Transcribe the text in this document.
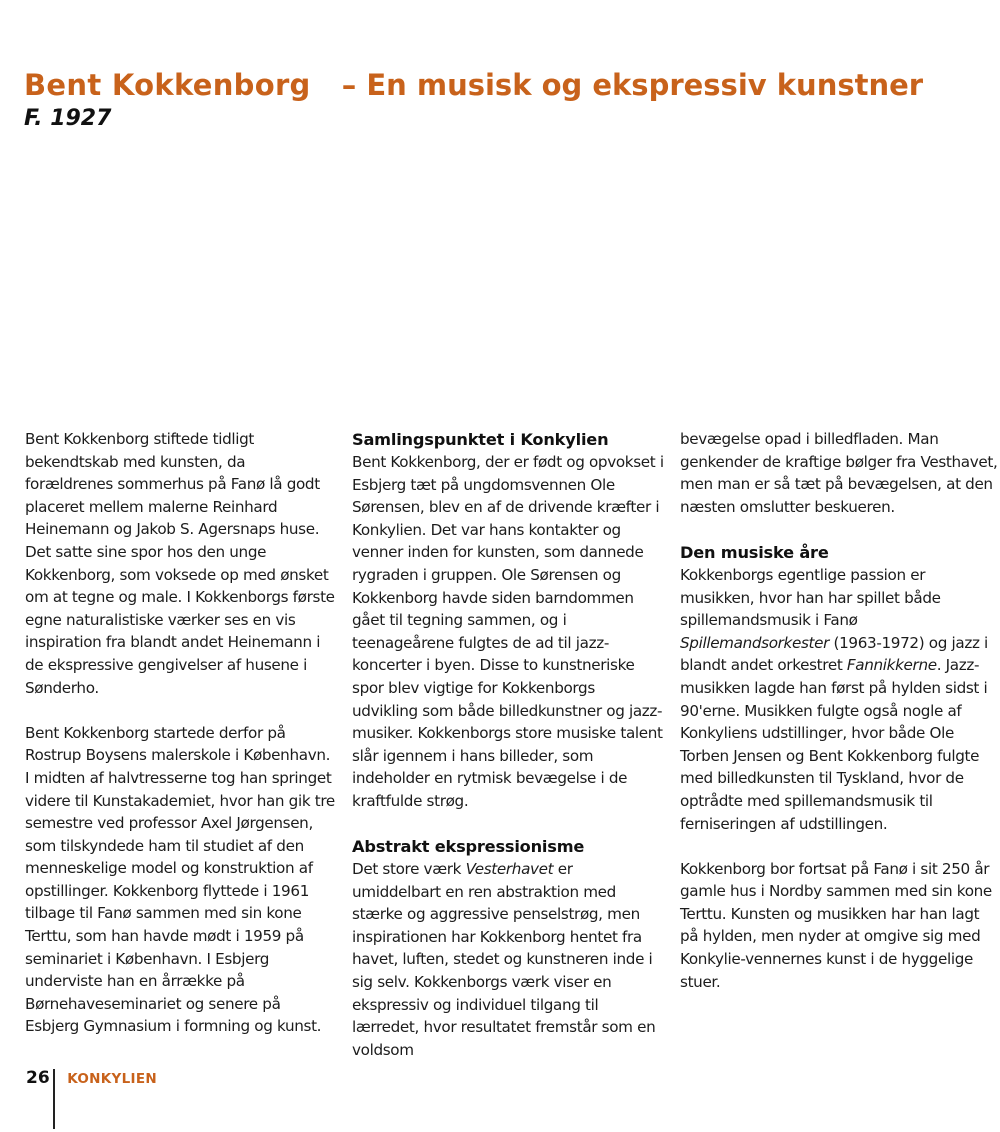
Bent Kokkenborg – En musisk og ekspressiv kunstner
F. 1927

Bent Kokkenborg stiftede tidligt bekendtskab med kunsten, da forældrenes sommerhus på Fanø lå godt placeret mellem malerne Reinhard Heinemann og Jakob S. Agersnaps huse. Det satte sine spor hos den unge Kokkenborg, som voksede op med ønsket om at tegne og male. I Kokkenborgs første egne naturalistiske værker ses en vis inspiration fra blandt andet Heinemann i de ekspressive gengivelser af husene i Sønderho.

Bent Kokkenborg startede derfor på Rostrup Boysens malerskole i København. I midten af halvtresserne tog han springet videre til Kunstakademiet, hvor han gik tre semestre ved professor Axel Jørgensen, som tilskyndede ham til studiet af den menneskelige model og konstruktion af opstillinger. Kokkenborg flyttede i 1961 tilbage til Fanø sammen med sin kone Terttu, som han havde mødt i 1959 på seminariet i København. I Esbjerg underviste han en årrække på Børnehaveseminariet og senere på Esbjerg Gymnasium i formning og kunst.

Samlingspunktet i Konkylien

Bent Kokkenborg, der er født og opvokset i Esbjerg tæt på ungdomsvennen Ole Sørensen, blev en af de drivende kræfter i Konkylien. Det var hans kontakter og venner inden for kunsten, som dannede rygraden i gruppen. Ole Sørensen og Kokkenborg havde siden barndommen gået til tegning sammen, og i teenageårene fulgtes de ad til jazz-koncerter i byen. Disse to kunstneriske spor blev vigtige for Kokkenborgs udvikling som både billedkunstner og jazz-musiker. Kokkenborgs store musiske talent slår igennem i hans billeder, som indeholder en rytmisk bevægelse i de kraftfulde strøg.

Abstrakt ekspressionisme

Det store værk Vesterhavet er umiddelbart en ren abstraktion med stærke og aggressive penselstrøg, men inspirationen har Kokkenborg hentet fra havet, luften, stedet og kunstneren inde i sig selv. Kokkenborgs værk viser en ekspressiv og individuel tilgang til lærredet, hvor resultatet fremstår som en voldsom

bevægelse opad i billedfladen. Man genkender de kraftige bølger fra Vesthavet, men man er så tæt på bevægelsen, at den næsten omslutter beskueren.

Den musiske åre

Kokkenborgs egentlige passion er musikken, hvor han har spillet både spillemandsmusik i Fanø Spillemandsorkester (1963-1972) og jazz i blandt andet orkestret Fannikkerne. Jazz-musikken lagde han først på hylden sidst i 90'erne. Musikken fulgte også nogle af Konkyliens udstillinger, hvor både Ole Torben Jensen og Bent Kokkenborg fulgte med billedkunsten til Tyskland, hvor de optrådte med spillemandsmusik til ferniseringen af udstillingen.

Kokkenborg bor fortsat på Fanø i sit 250 år gamle hus i Nordby sammen med sin kone Terttu. Kunsten og musikken har han lagt på hylden, men nyder at omgive sig med Konkylie-vennernes kunst i de hyggelige stuer.

26 KONKYLIEN
